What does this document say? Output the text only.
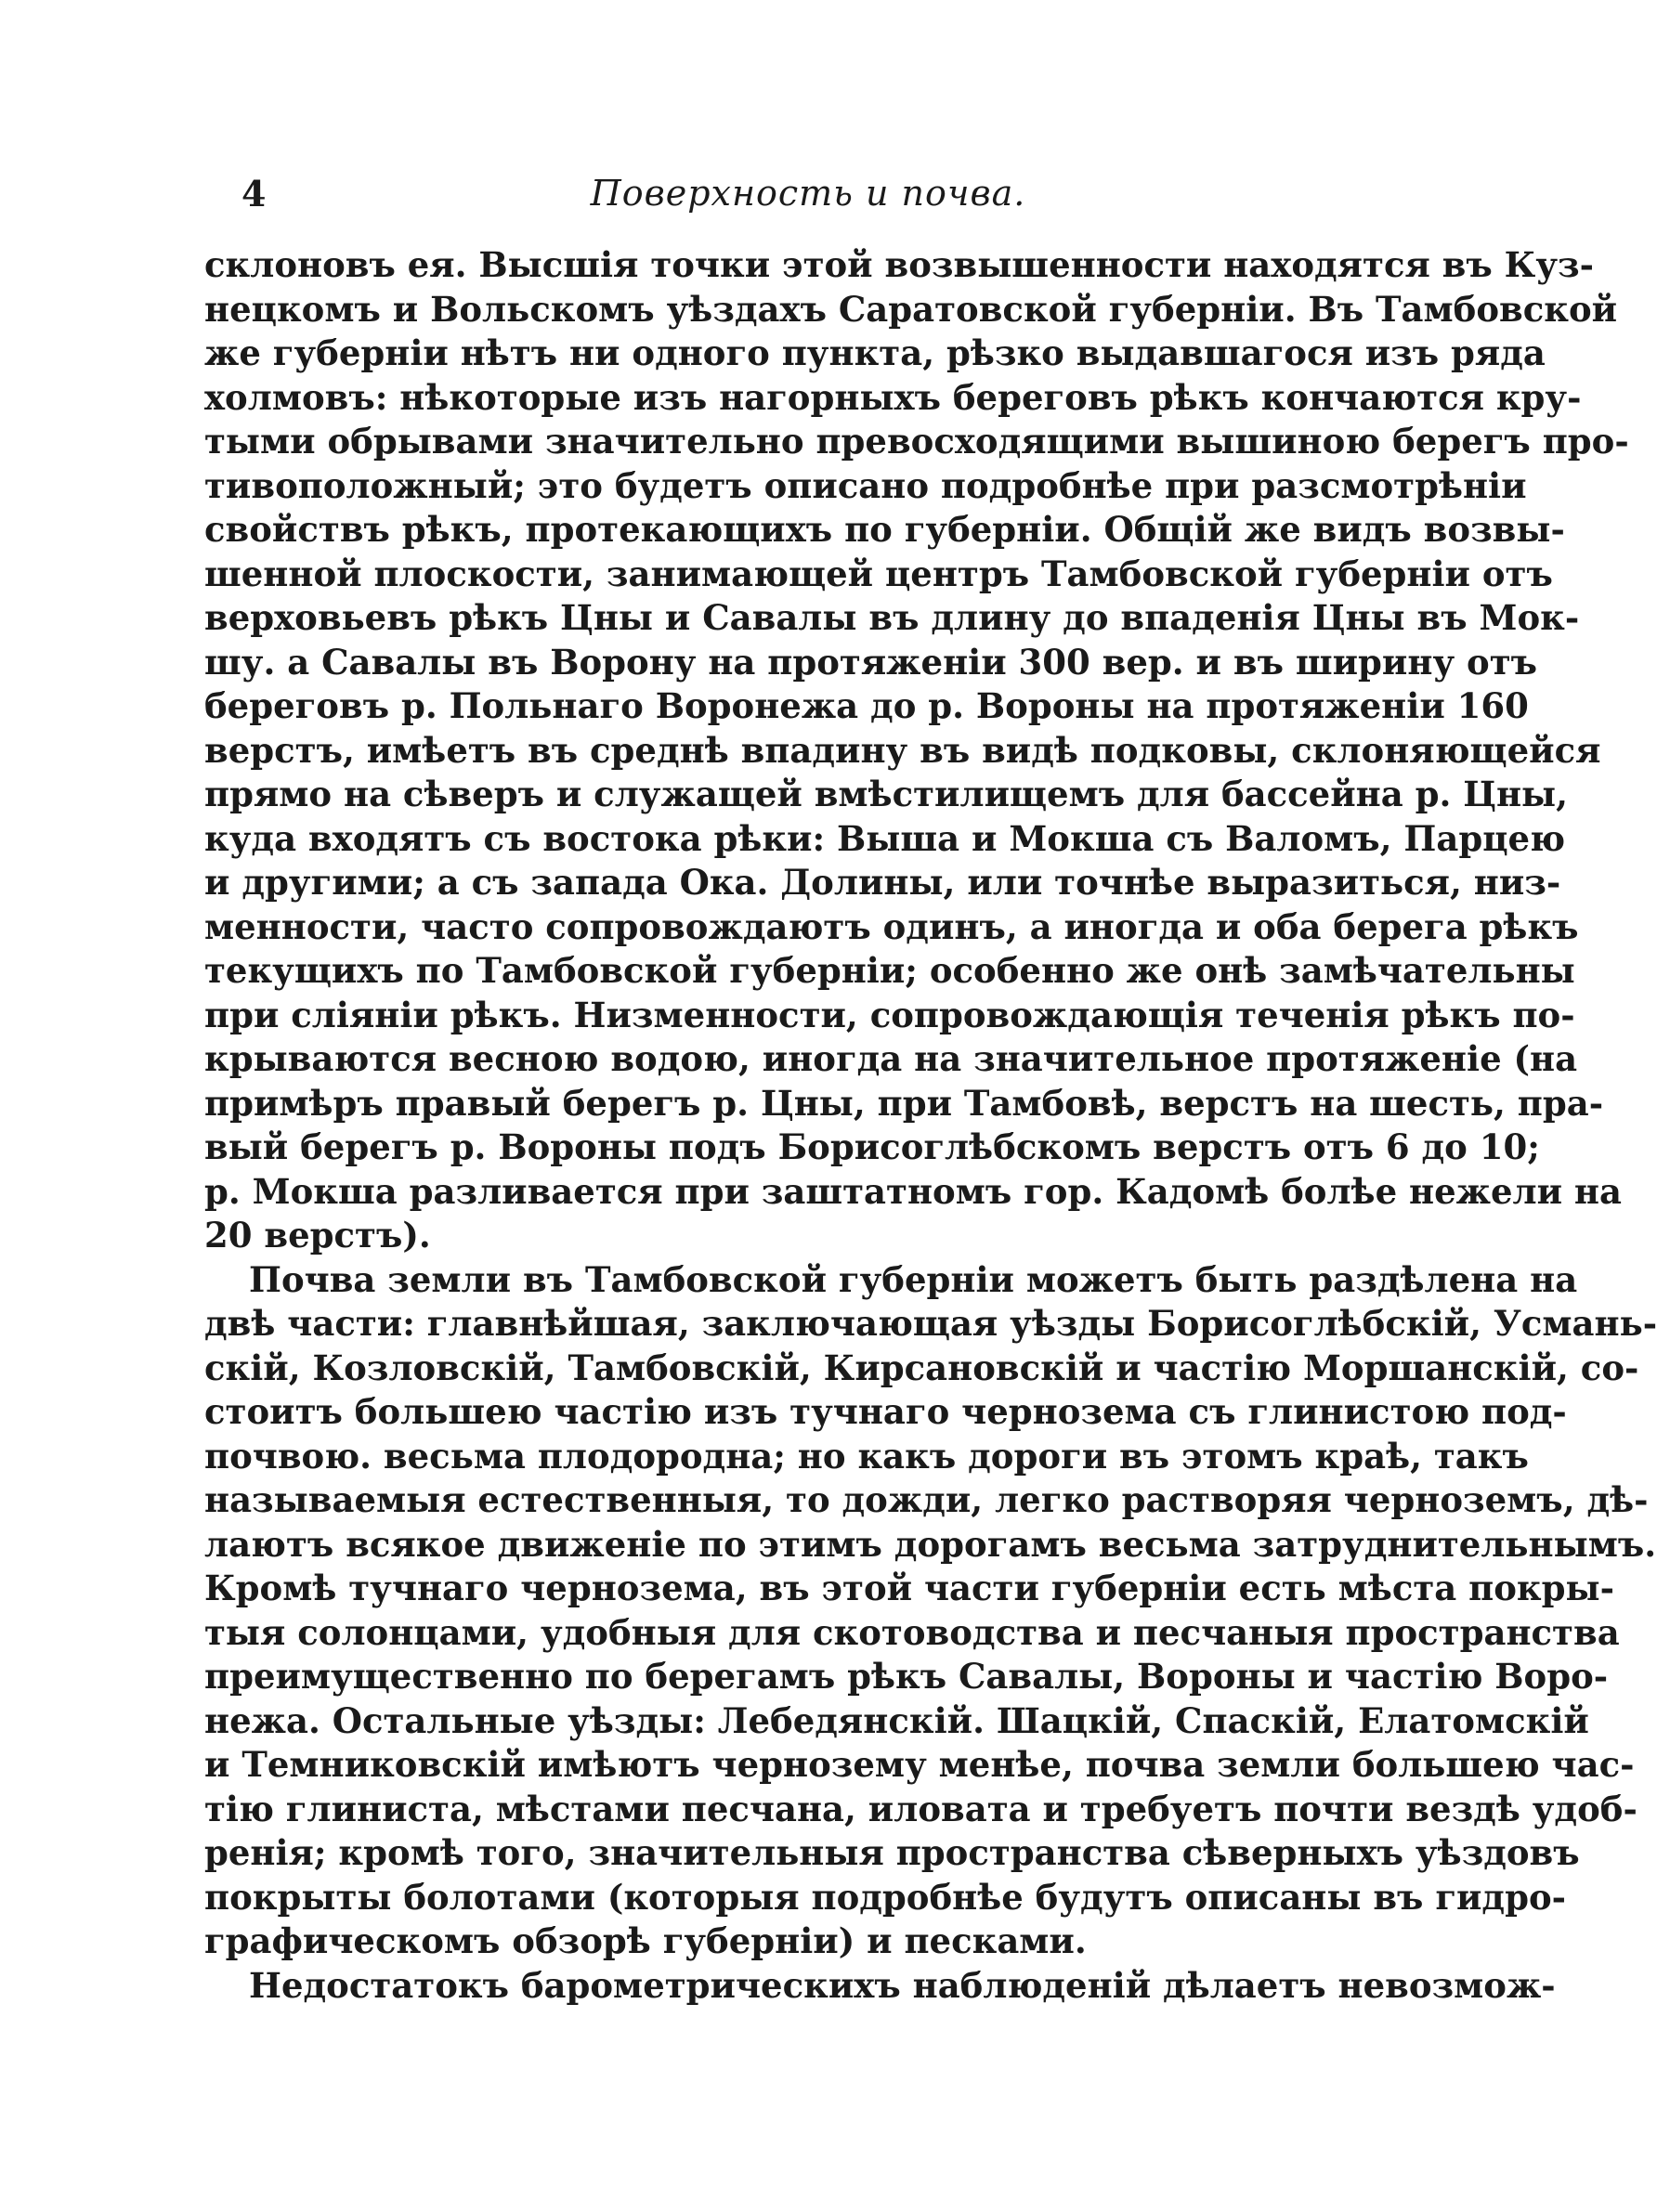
4	Поверхность и почва.
склоновъ ея. Высшія точки этой возвышенности находятся въ Куз-
нецкомъ и Вольскомъ уѣздахъ Саратовской губерніи. Въ Тамбовской
же губерніи нѣтъ ни одного пункта, рѣзко выдавшагося изъ ряда
холмовъ: нѣкоторые изъ нагорныхъ береговъ рѣкъ кончаются кру-
тыми обрывами значительно превосходящими вышиною берегъ про-
тивоположный; это будетъ описано подробнѣе при разсмотрѣніи
свойствъ рѣкъ, протекающихъ по губерніи. Общій же видъ возвы-
шенной плоскости, занимающей центръ Тамбовской губерніи отъ
верховьевъ рѣкъ Цны и Савалы въ длину до впаденія Цны въ Мок-
шу. а Савалы въ Ворону на протяженіи 300 вер. и въ ширину отъ
береговъ р. Польнаго Воронежа до р. Вороны на протяженіи 160
верстъ, имѣетъ въ среднѣ впадину въ видѣ подковы, склоняющейся
прямо на сѣверъ и служащей вмѣстилищемъ для бассейна р. Цны,
куда входятъ съ востока рѣки: Выша и Мокша съ Валомъ, Парцею
и другими; а съ запада Ока. Долины, или точнѣе выразиться, низ-
менности, часто сопровождаютъ одинъ, а иногда и оба берега рѣкъ
текущихъ по Тамбовской губерніи; особенно же онѣ замѣчательны
при сліяніи рѣкъ. Низменности, сопровождающія теченія рѣкъ по-
крываются весною водою, иногда на значительное протяженіе (на
примѣръ правый берегъ р. Цны, при Тамбовѣ, верстъ на шесть, пра-
вый берегъ р. Вороны подъ Борисоглѣбскомъ верстъ отъ 6 до 10;
р. Мокша разливается при заштатномъ гор. Кадомѣ болѣе нежели на
20 верстъ).
Почва земли въ Тамбовской губерніи можетъ быть раздѣлена на
двѣ части: главнѣйшая, заключающая уѣзды Борисоглѣбскій, Усмань-
скій, Козловскій, Тамбовскій, Кирсановскій и частію Моршанскій, со-
стоитъ большею частію изъ тучнаго чернозема съ глинистою под-
почвою. весьма плодородна; но какъ дороги въ этомъ краѣ, такъ
называемыя естественныя, то дожди, легко растворяя черноземъ, дѣ-
лаютъ всякое движеніе по этимъ дорогамъ весьма затруднительнымъ.
Кромѣ тучнаго чернозема, въ этой части губерніи есть мѣста покры-
тыя солонцами, удобныя для скотоводства и песчаныя пространства
преимущественно по берегамъ рѣкъ Савалы, Вороны и частію Воро-
нежа. Остальные уѣзды: Лебедянскій. Шацкій, Спаскій, Елатомскій
и Темниковскій имѣютъ чернозему менѣе, почва земли большею час-
тію глиниста, мѣстами песчана, иловата и требуетъ почти вездѣ удоб-
ренія; кромѣ того, значительныя пространства сѣверныхъ уѣздовъ
покрыты болотами (которыя подробнѣе будутъ описаны въ гидро-
графическомъ обзорѣ губерніи) и песками.
Недостатокъ барометрическихъ наблюденій дѣлаетъ невозмож-
